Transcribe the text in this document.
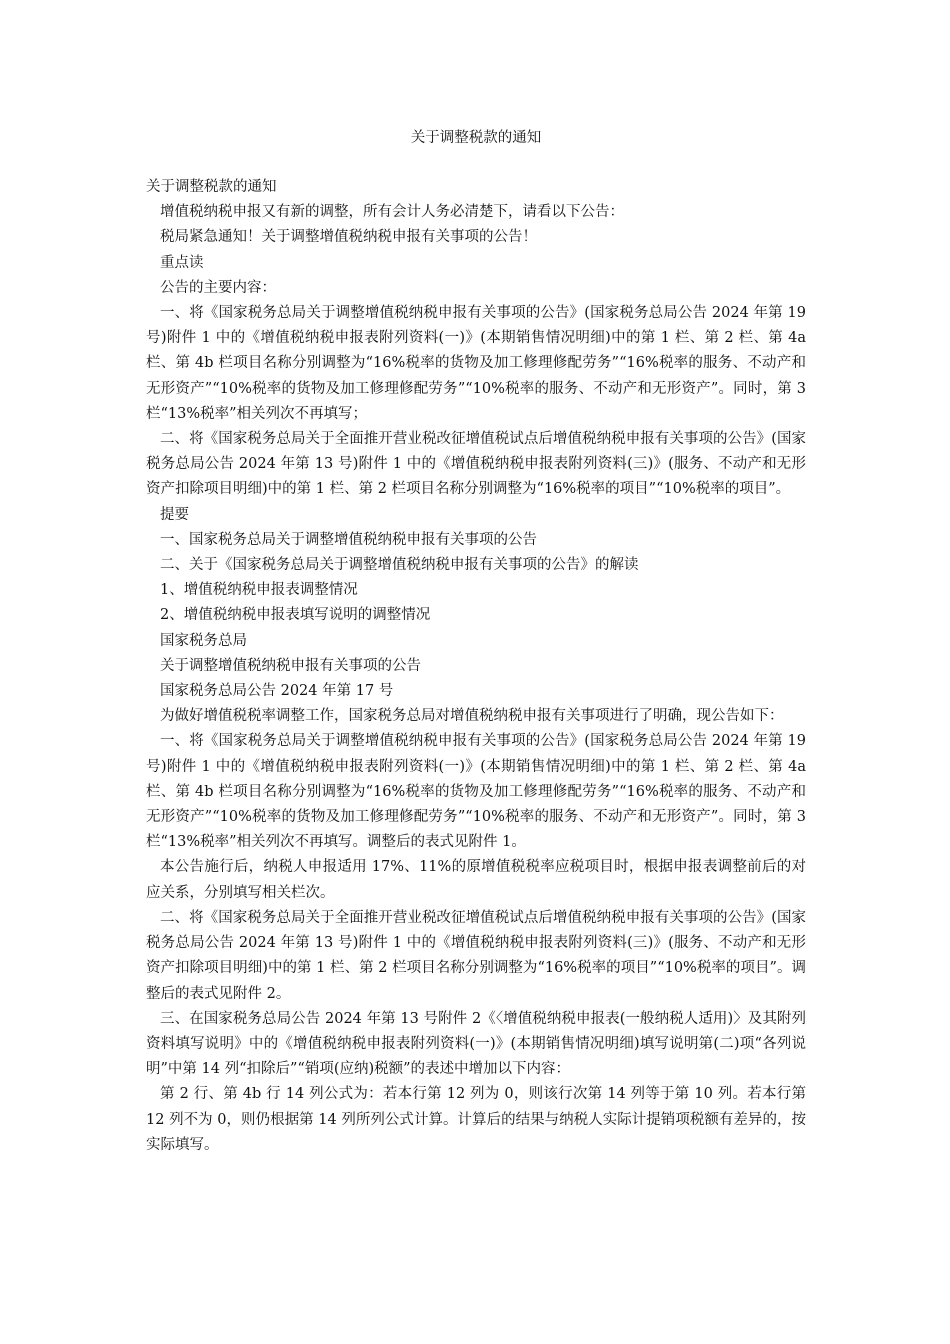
关于调整税款的通知

关于调整税款的通知

增值税纳税申报又有新的调整，所有会计人务必清楚下，请看以下公告：

税局紧急通知！关于调整增值税纳税申报有关事项的公告！

重点读

公告的主要内容：

一、将《国家税务总局关于调整增值税纳税申报有关事项的公告》(国家税务总局公告 2024 年第 19 号)附件 1 中的《增值税纳税申报表附列资料(一)》(本期销售情况明细)中的第 1 栏、第 2 栏、第 4a 栏、第 4b 栏项目名称分别调整为“16%税率的货物及加工修理修配劳务”“16%税率的服务、不动产和无形资产”“10%税率的货物及加工修理修配劳务”“10%税率的服务、不动产和无形资产”。同时，第 3 栏“13%税率”相关列次不再填写；

二、将《国家税务总局关于全面推开营业税改征增值税试点后增值税纳税申报有关事项的公告》(国家税务总局公告 2024 年第 13 号)附件 1 中的《增值税纳税申报表附列资料(三)》(服务、不动产和无形资产扣除项目明细)中的第 1 栏、第 2 栏项目名称分别调整为“16%税率的项目”“10%税率的项目”。

提要

一、国家税务总局关于调整增值税纳税申报有关事项的公告

二、关于《国家税务总局关于调整增值税纳税申报有关事项的公告》的解读

1、增值税纳税申报表调整情况

2、增值税纳税申报表填写说明的调整情况

国家税务总局

关于调整增值税纳税申报有关事项的公告

国家税务总局公告 2024 年第 17 号

为做好增值税税率调整工作，国家税务总局对增值税纳税申报有关事项进行了明确，现公告如下：

一、将《国家税务总局关于调整增值税纳税申报有关事项的公告》(国家税务总局公告 2024 年第 19 号)附件 1 中的《增值税纳税申报表附列资料(一)》(本期销售情况明细)中的第 1 栏、第 2 栏、第 4a 栏、第 4b 栏项目名称分别调整为“16%税率的货物及加工修理修配劳务”“16%税率的服务、不动产和无形资产”“10%税率的货物及加工修理修配劳务”“10%税率的服务、不动产和无形资产”。同时，第 3 栏“13%税率”相关列次不再填写。调整后的表式见附件 1。

本公告施行后，纳税人申报适用 17%、11%的原增值税税率应税项目时，根据申报表调整前后的对应关系，分别填写相关栏次。

二、将《国家税务总局关于全面推开营业税改征增值税试点后增值税纳税申报有关事项的公告》(国家税务总局公告 2024 年第 13 号)附件 1 中的《增值税纳税申报表附列资料(三)》(服务、不动产和无形资产扣除项目明细)中的第 1 栏、第 2 栏项目名称分别调整为“16%税率的项目”“10%税率的项目”。调整后的表式见附件 2。

三、在国家税务总局公告 2024 年第 13 号附件 2《〈增值税纳税申报表(一般纳税人适用)〉及其附列资料填写说明》中的《增值税纳税申报表附列资料(一)》(本期销售情况明细)填写说明第(二)项“各列说明”中第 14 列“扣除后”“销项(应纳)税额”的表述中增加以下内容：

第 2 行、第 4b 行 14 列公式为：若本行第 12 列为 0，则该行次第 14 列等于第 10 列。若本行第 12 列不为 0，则仍根据第 14 列所列公式计算。计算后的结果与纳税人实际计提销项税额有差异的，按实际填写。
